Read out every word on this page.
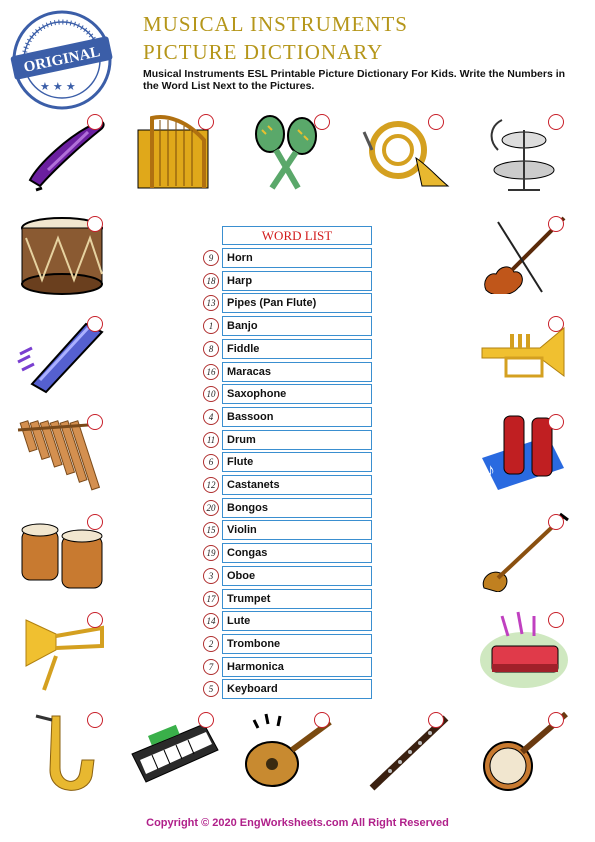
ORIGINAL
★ ★ ★
MUSICAL INSTRUMENTS
PICTURE DICTIONARY
Musical Instruments ESL Printable Picture Dictionary For Kids. Write the Numbers in the Word List Next to the Pictures.
WORD LIST
9	Horn
18	Harp
13	Pipes (Pan Flute)
1	Banjo
8	Fiddle
16	Maracas
10	Saxophone
4	Bassoon
11	Drum
6	Flute
12	Castanets
20	Bongos
15	Violin
19	Congas
3	Oboe
17	Trumpet
14	Lute
2	Trombone
7	Harmonica
5	Keyboard
♪
Copyright © 2020 EngWorksheets.com All Right Reserved
